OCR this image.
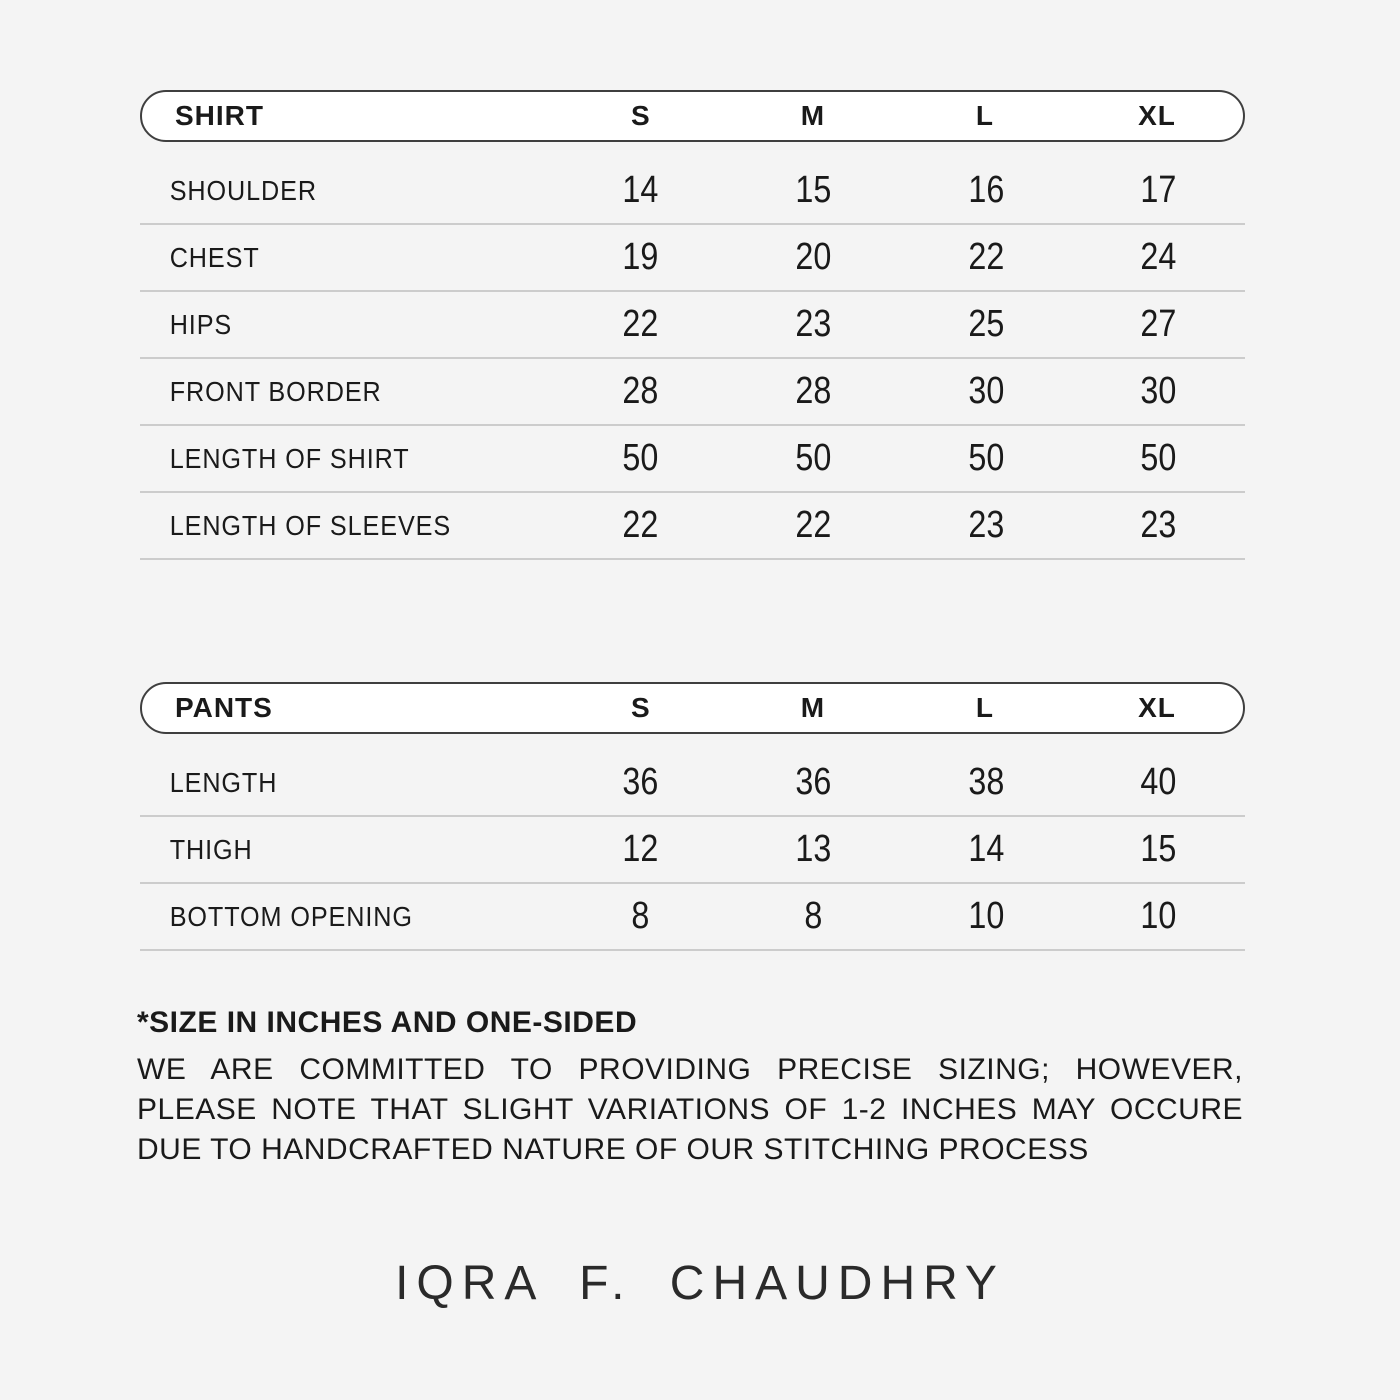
SHIRT	S	M	L	XL
SHOULDER	14	15	16	17
CHEST	19	20	22	24
HIPS	22	23	25	27
FRONT BORDER	28	28	30	30
LENGTH OF SHIRT	50	50	50	50
LENGTH OF SLEEVES	22	22	23	23
PANTS	S	M	L	XL
LENGTH	36	36	38	40
THIGH	12	13	14	15
BOTTOM OPENING	8	8	10	10

*SIZE IN INCHES AND ONE-SIDED

WE ARE COMMITTED TO PROVIDING PRECISE SIZING; HOWEVER, PLEASE NOTE THAT SLIGHT VARIATIONS OF 1-2 INCHES MAY OCCURE DUE TO HANDCRAFTED NATURE OF OUR STITCHING PROCESS

IQRA F. CHAUDHRY
